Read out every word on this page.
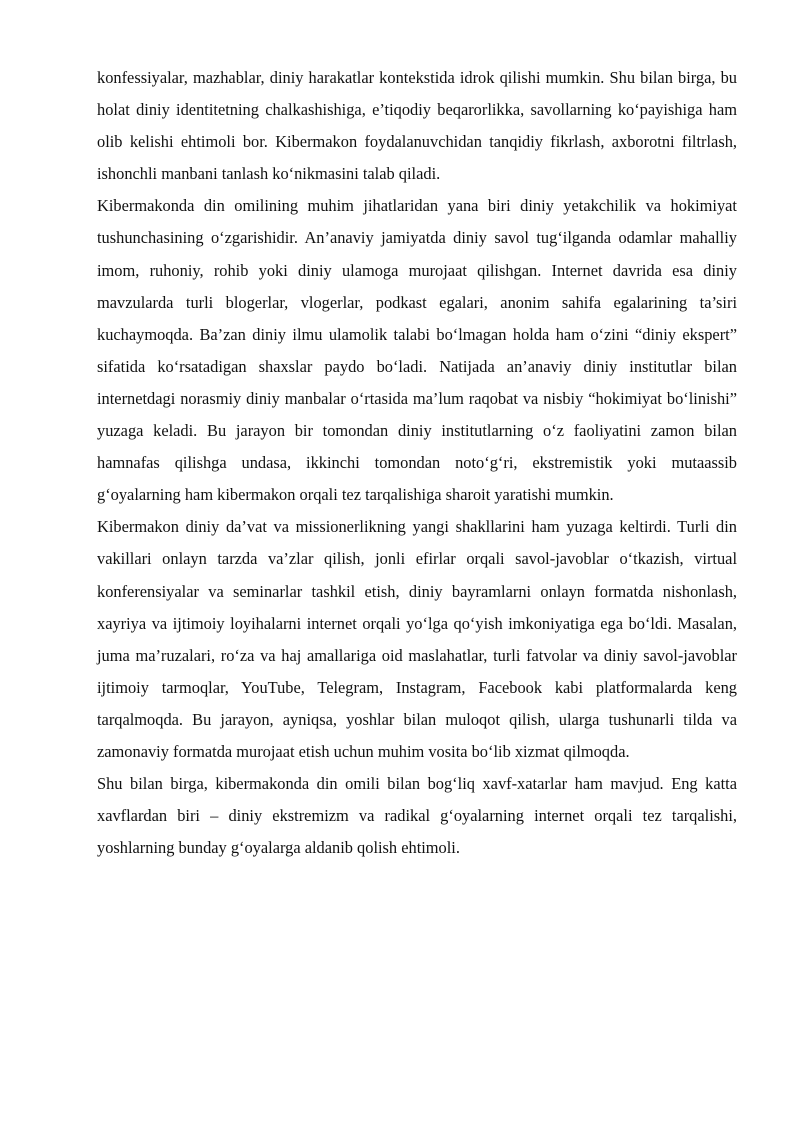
konfessiyalar, mazhablar, diniy harakatlar kontekstida idrok qilishi mumkin. Shu bilan birga, bu holat diniy identitetning chalkashishiga, e’tiqodiy beqarorlikka, savollarning ko‘payishiga ham olib kelishi ehtimoli bor. Kibermakon foydalanuvchidan tanqidiy fikrlash, axborotni filtrlash, ishonchli manbani tanlash ko‘nikmasini talab qiladi.

Kibermakonda din omilining muhim jihatlaridan yana biri diniy yetakchilik va hokimiyat tushunchasining o‘zgarishidir. An’anaviy jamiyatda diniy savol tug‘ilganda odamlar mahalliy imom, ruhoniy, rohib yoki diniy ulamoga murojaat qilishgan. Internet davrida esa diniy mavzularda turli blogerlar, vlogerlar, podkast egalari, anonim sahifa egalarining ta’siri kuchaymoqda. Ba’zan diniy ilmu ulamolik talabi bo‘lmagan holda ham o‘zini “diniy ekspert” sifatida ko‘rsatadigan shaxslar paydo bo‘ladi. Natijada an’anaviy diniy institutlar bilan internetdagi norasmiy diniy manbalar o‘rtasida ma’lum raqobat va nisbiy “hokimiyat bo‘linishi” yuzaga keladi. Bu jarayon bir tomondan diniy institutlarning o‘z faoliyatini zamon bilan hamnafas qilishga undasa, ikkinchi tomondan noto‘g‘ri, ekstremistik yoki mutaassib g‘oyalarning ham kibermakon orqali tez tarqalishiga sharoit yaratishi mumkin.

Kibermakon diniy da’vat va missionerlikning yangi shakllarini ham yuzaga keltirdi. Turli din vakillari onlayn tarzda va’zlar qilish, jonli efirlar orqali savol-javoblar o‘tkazish, virtual konferensiyalar va seminarlar tashkil etish, diniy bayramlarni onlayn formatda nishonlash, xayriya va ijtimoiy loyihalarni internet orqali yo‘lga qo‘yish imkoniyatiga ega bo‘ldi. Masalan, juma ma’ruzalari, ro‘za va haj amallariga oid maslahatlar, turli fatvolar va diniy savol-javoblar ijtimoiy tarmoqlar, YouTube, Telegram, Instagram, Facebook kabi platformalarda keng tarqalmoqda. Bu jarayon, ayniqsa, yoshlar bilan muloqot qilish, ularga tushunarli tilda va zamonaviy formatda murojaat etish uchun muhim vosita bo‘lib xizmat qilmoqda.

Shu bilan birga, kibermakonda din omili bilan bog‘liq xavf-xatarlar ham mavjud. Eng katta xavflardan biri – diniy ekstremizm va radikal g‘oyalarning internet orqali tez tarqalishi, yoshlarning bunday g‘oyalarga aldanib qolish ehtimoli.
